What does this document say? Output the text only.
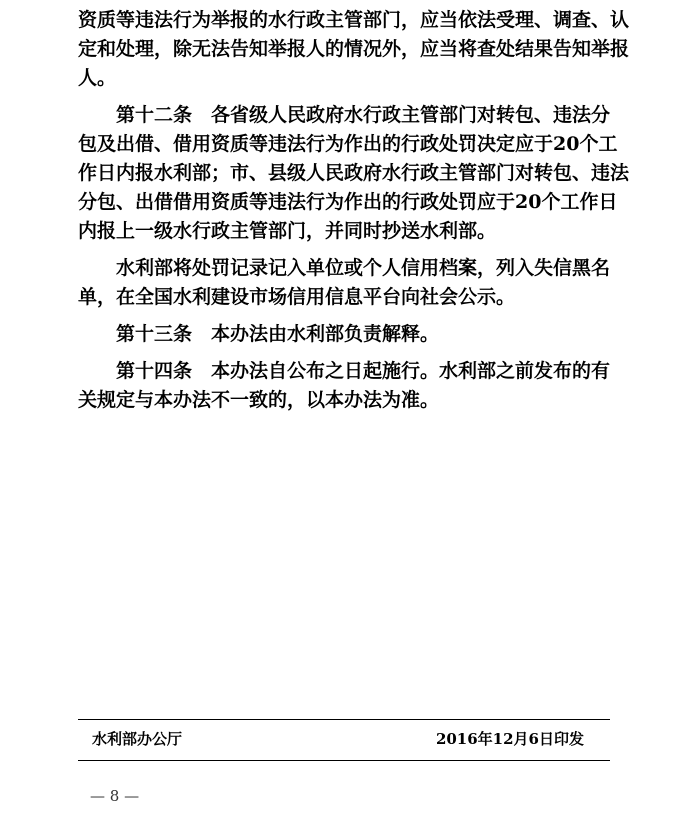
资质等违法行为举报的水行政主管部门，应当依法受理、调查、认
定和处理，除无法告知举报人的情况外，应当将查处结果告知举报
人。
第十二条　各省级人民政府水行政主管部门对转包、违法分
包及出借、借用资质等违法行为作出的行政处罚决定应于20个工
作日内报水利部；市、县级人民政府水行政主管部门对转包、违法
分包、出借借用资质等违法行为作出的行政处罚应于20个工作日
内报上一级水行政主管部门，并同时抄送水利部。
水利部将处罚记录记入单位或个人信用档案，列入失信黑名
单，在全国水利建设市场信用信息平台向社会公示。
第十三条　本办法由水利部负责解释。
第十四条　本办法自公布之日起施行。水利部之前发布的有
关规定与本办法不一致的，以本办法为准。
水利部办公厅	2016年12月6日印发
— 8 —
